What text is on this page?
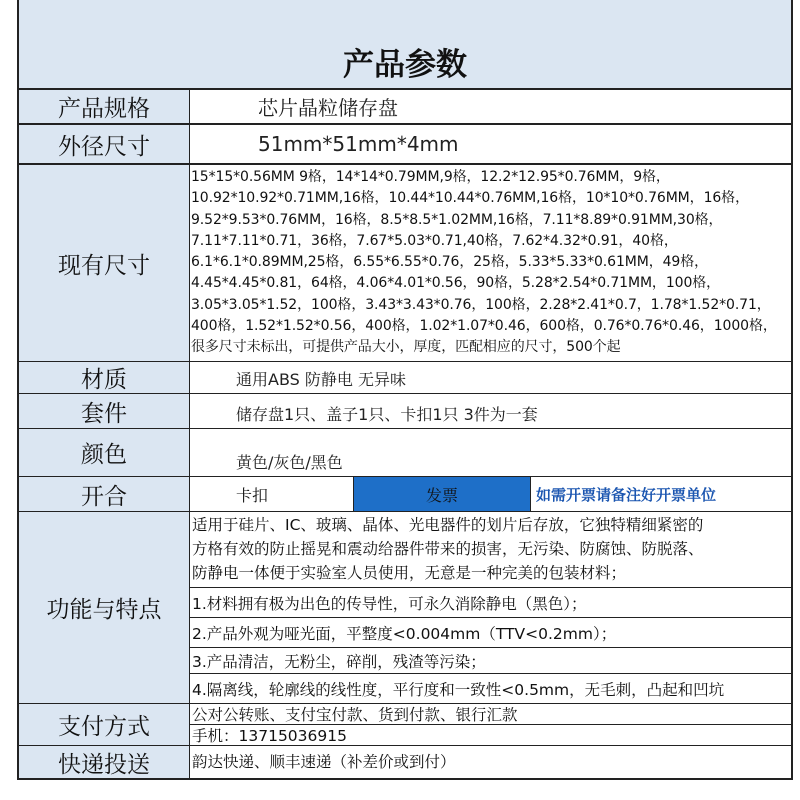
产品参数
产品规格	芯片晶粒储存盘
外径尺寸	51mm*51mm*4mm
现有尺寸
15*15*0.56MM 9格，14*14*0.79MM,9格，12.2*12.95*0.76MM，9格，
10.92*10.92*0.71MM,16格，10.44*10.44*0.76MM,16格，10*10*0.76MM，16格，
9.52*9.53*0.76MM，16格，8.5*8.5*1.02MM,16格，7.11*8.89*0.91MM,30格，
7.11*7.11*0.71，36格，7.67*5.03*0.71,40格，7.62*4.32*0.91，40格，
6.1*6.1*0.89MM,25格，6.55*6.55*0.76，25格，5.33*5.33*0.61MM，49格，
4.45*4.45*0.81，64格，4.06*4.01*0.56，90格，5.28*2.54*0.71MM，100格，
3.05*3.05*1.52，100格，3.43*3.43*0.76，100格，2.28*2.41*0.7，1.78*1.52*0.71，
400格，1.52*1.52*0.56，400格，1.02*1.07*0.46，600格，0.76*0.76*0.46，1000格，
很多尺寸未标出，可提供产品大小，厚度，匹配相应的尺寸，500个起
材质	通用ABS 防静电 无异味
套件	储存盘1只、盖子1只、卡扣1只 3件为一套
颜色	黄色/灰色/黑色
开合	卡扣	发票	如需开票请备注好开票单位
功能与特点
适用于硅片、IC、玻璃、晶体、光电器件的划片后存放，它独特精细紧密的
方格有效的防止摇晃和震动给器件带来的损害，无污染、防腐蚀、防脱落、
防静电一体便于实验室人员使用，无意是一种完美的包装材料；
1.材料拥有极为出色的传导性，可永久消除静电（黑色）；
2.产品外观为哑光面，平整度<0.004mm（TTV<0.2mm）；
3.产品清洁，无粉尘，碎削，残渣等污染；
4.隔离线，轮廓线的线性度，平行度和一致性<0.5mm，无毛刺，凸起和凹坑
支付方式	公对公转账、支付宝付款、货到付款、银行汇款
手机：13715036915
快递投送	韵达快递、顺丰速递（补差价或到付）
